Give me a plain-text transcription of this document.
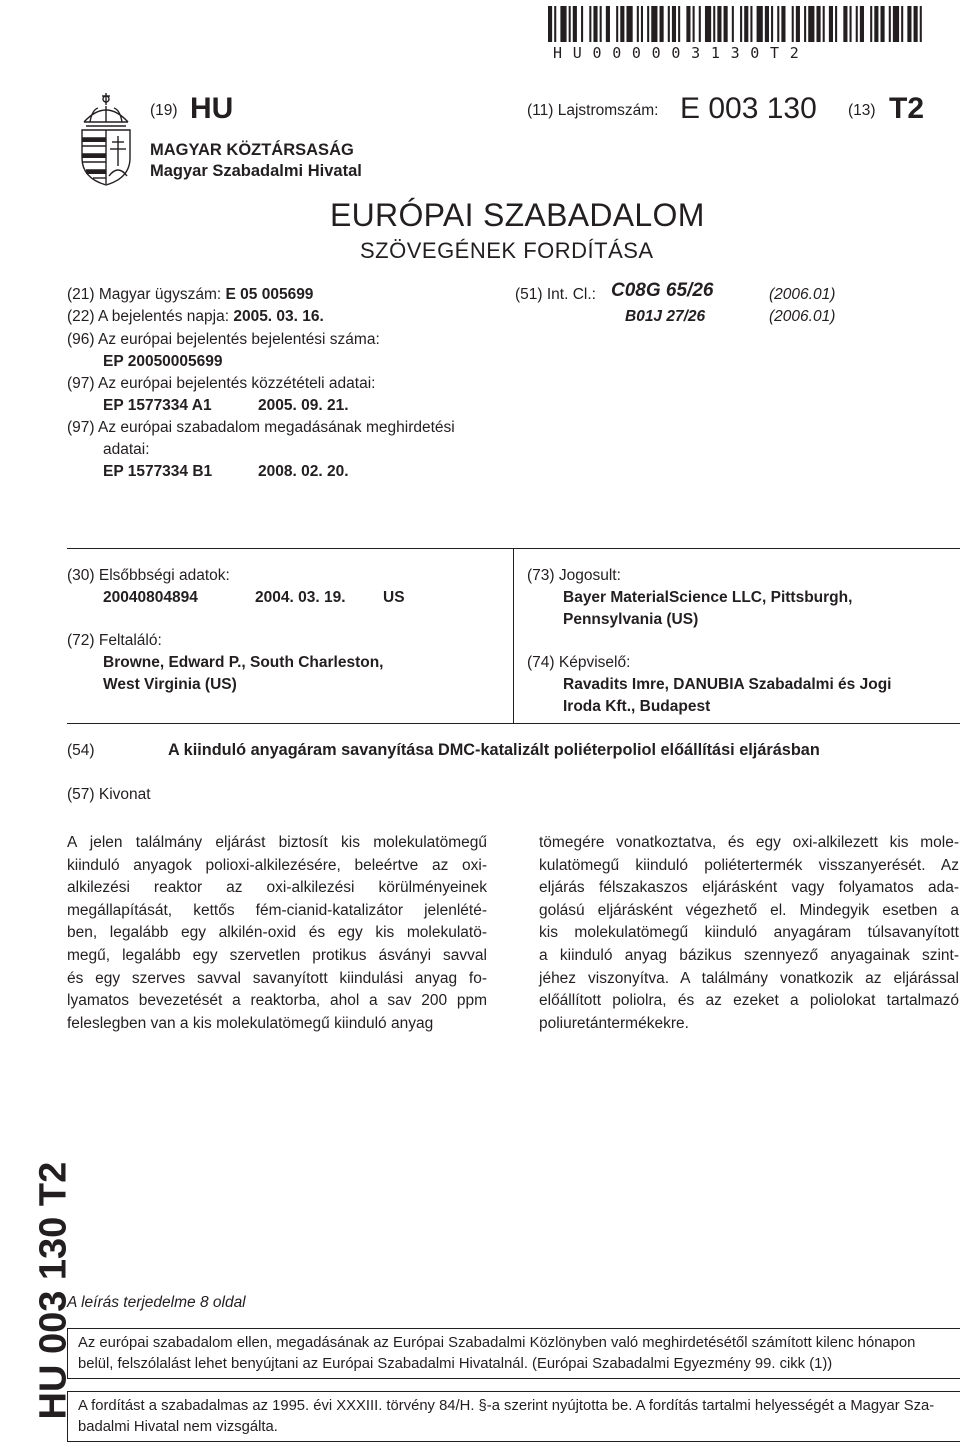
HU000003130T2
(19) HU	(11) Lajstromszám: E 003 130 (13) T2
MAGYAR KÖZTÁRSASÁG
Magyar Szabadalmi Hivatal
EURÓPAI SZABADALOM
SZÖVEGÉNEK FORDÍTÁSA
(21) Magyar ügyszám: E 05 005699
(22) A bejelentés napja: 2005. 03. 16.
(96) Az európai bejelentés bejelentési száma:
EP 20050005699
(97) Az európai bejelentés közzétételi adatai:
EP 1577334 A1	2005. 09. 21.
(97) Az európai szabadalom megadásának meghirdetési
adatai:
EP 1577334 B1	2008. 02. 20.
(51) Int. Cl.: C08G 65/26	(2006.01)
B01J 27/26	(2006.01)
(30) Elsőbbségi adatok:
20040804894	2004. 03. 19. US
(72) Feltaláló:
Browne, Edward P., South Charleston,
West Virginia (US)
(73) Jogosult:
Bayer MaterialScience LLC, Pittsburgh,
Pennsylvania (US)
(74) Képviselő:
Ravadits Imre, DANUBIA Szabadalmi és Jogi
Iroda Kft., Budapest
(54)	A kiinduló anyagáram savanyítása DMC-katalizált poliéterpoliol előállítási eljárásban
(57) Kivonat
A jelen találmány eljárást biztosít kis molekulatömegű
kiinduló anyagok polioxi-alkilezésére, beleértve az oxi-
alkilezési reaktor az oxi-alkilezési körülményeinek
megállapítását, kettős fém-cianid-katalizátor jelenlété-
ben, legalább egy alkilén-oxid és egy kis molekulatö-
megű, legalább egy szervetlen protikus ásványi savval
és egy szerves savval savanyított kiindulási anyag fo-
lyamatos bevezetését a reaktorba, ahol a sav 200 ppm
feleslegben van a kis molekulatömegű kiinduló anyag
tömegére vonatkoztatva, és egy oxi-alkilezett kis mole-
kulatömegű kiinduló poliétertermék visszanyerését. Az
eljárás félszakaszos eljárásként vagy folyamatos ada-
golású eljárásként végezhető el. Mindegyik esetben a
kis molekulatömegű kiinduló anyagáram túlsavanyított
a kiinduló anyag bázikus szennyező anyagainak szint-
jéhez viszonyítva. A találmány vonatkozik az eljárással
előállított poliolra, és az ezeket a poliolokat tartalmazó
poliuretántermékekre.
HU 003 130 T2
A leírás terjedelme 8 oldal
Az európai szabadalom ellen, megadásának az Európai Szabadalmi Közlönyben való meghirdetésétől számított kilenc hónapon
belül, felszólalást lehet benyújtani az Európai Szabadalmi Hivatalnál. (Európai Szabadalmi Egyezmény 99. cikk (1))
A fordítást a szabadalmas az 1995. évi XXXIII. törvény 84/H. §-a szerint nyújtotta be. A fordítás tartalmi helyességét a Magyar Sza-
badalmi Hivatal nem vizsgálta.
